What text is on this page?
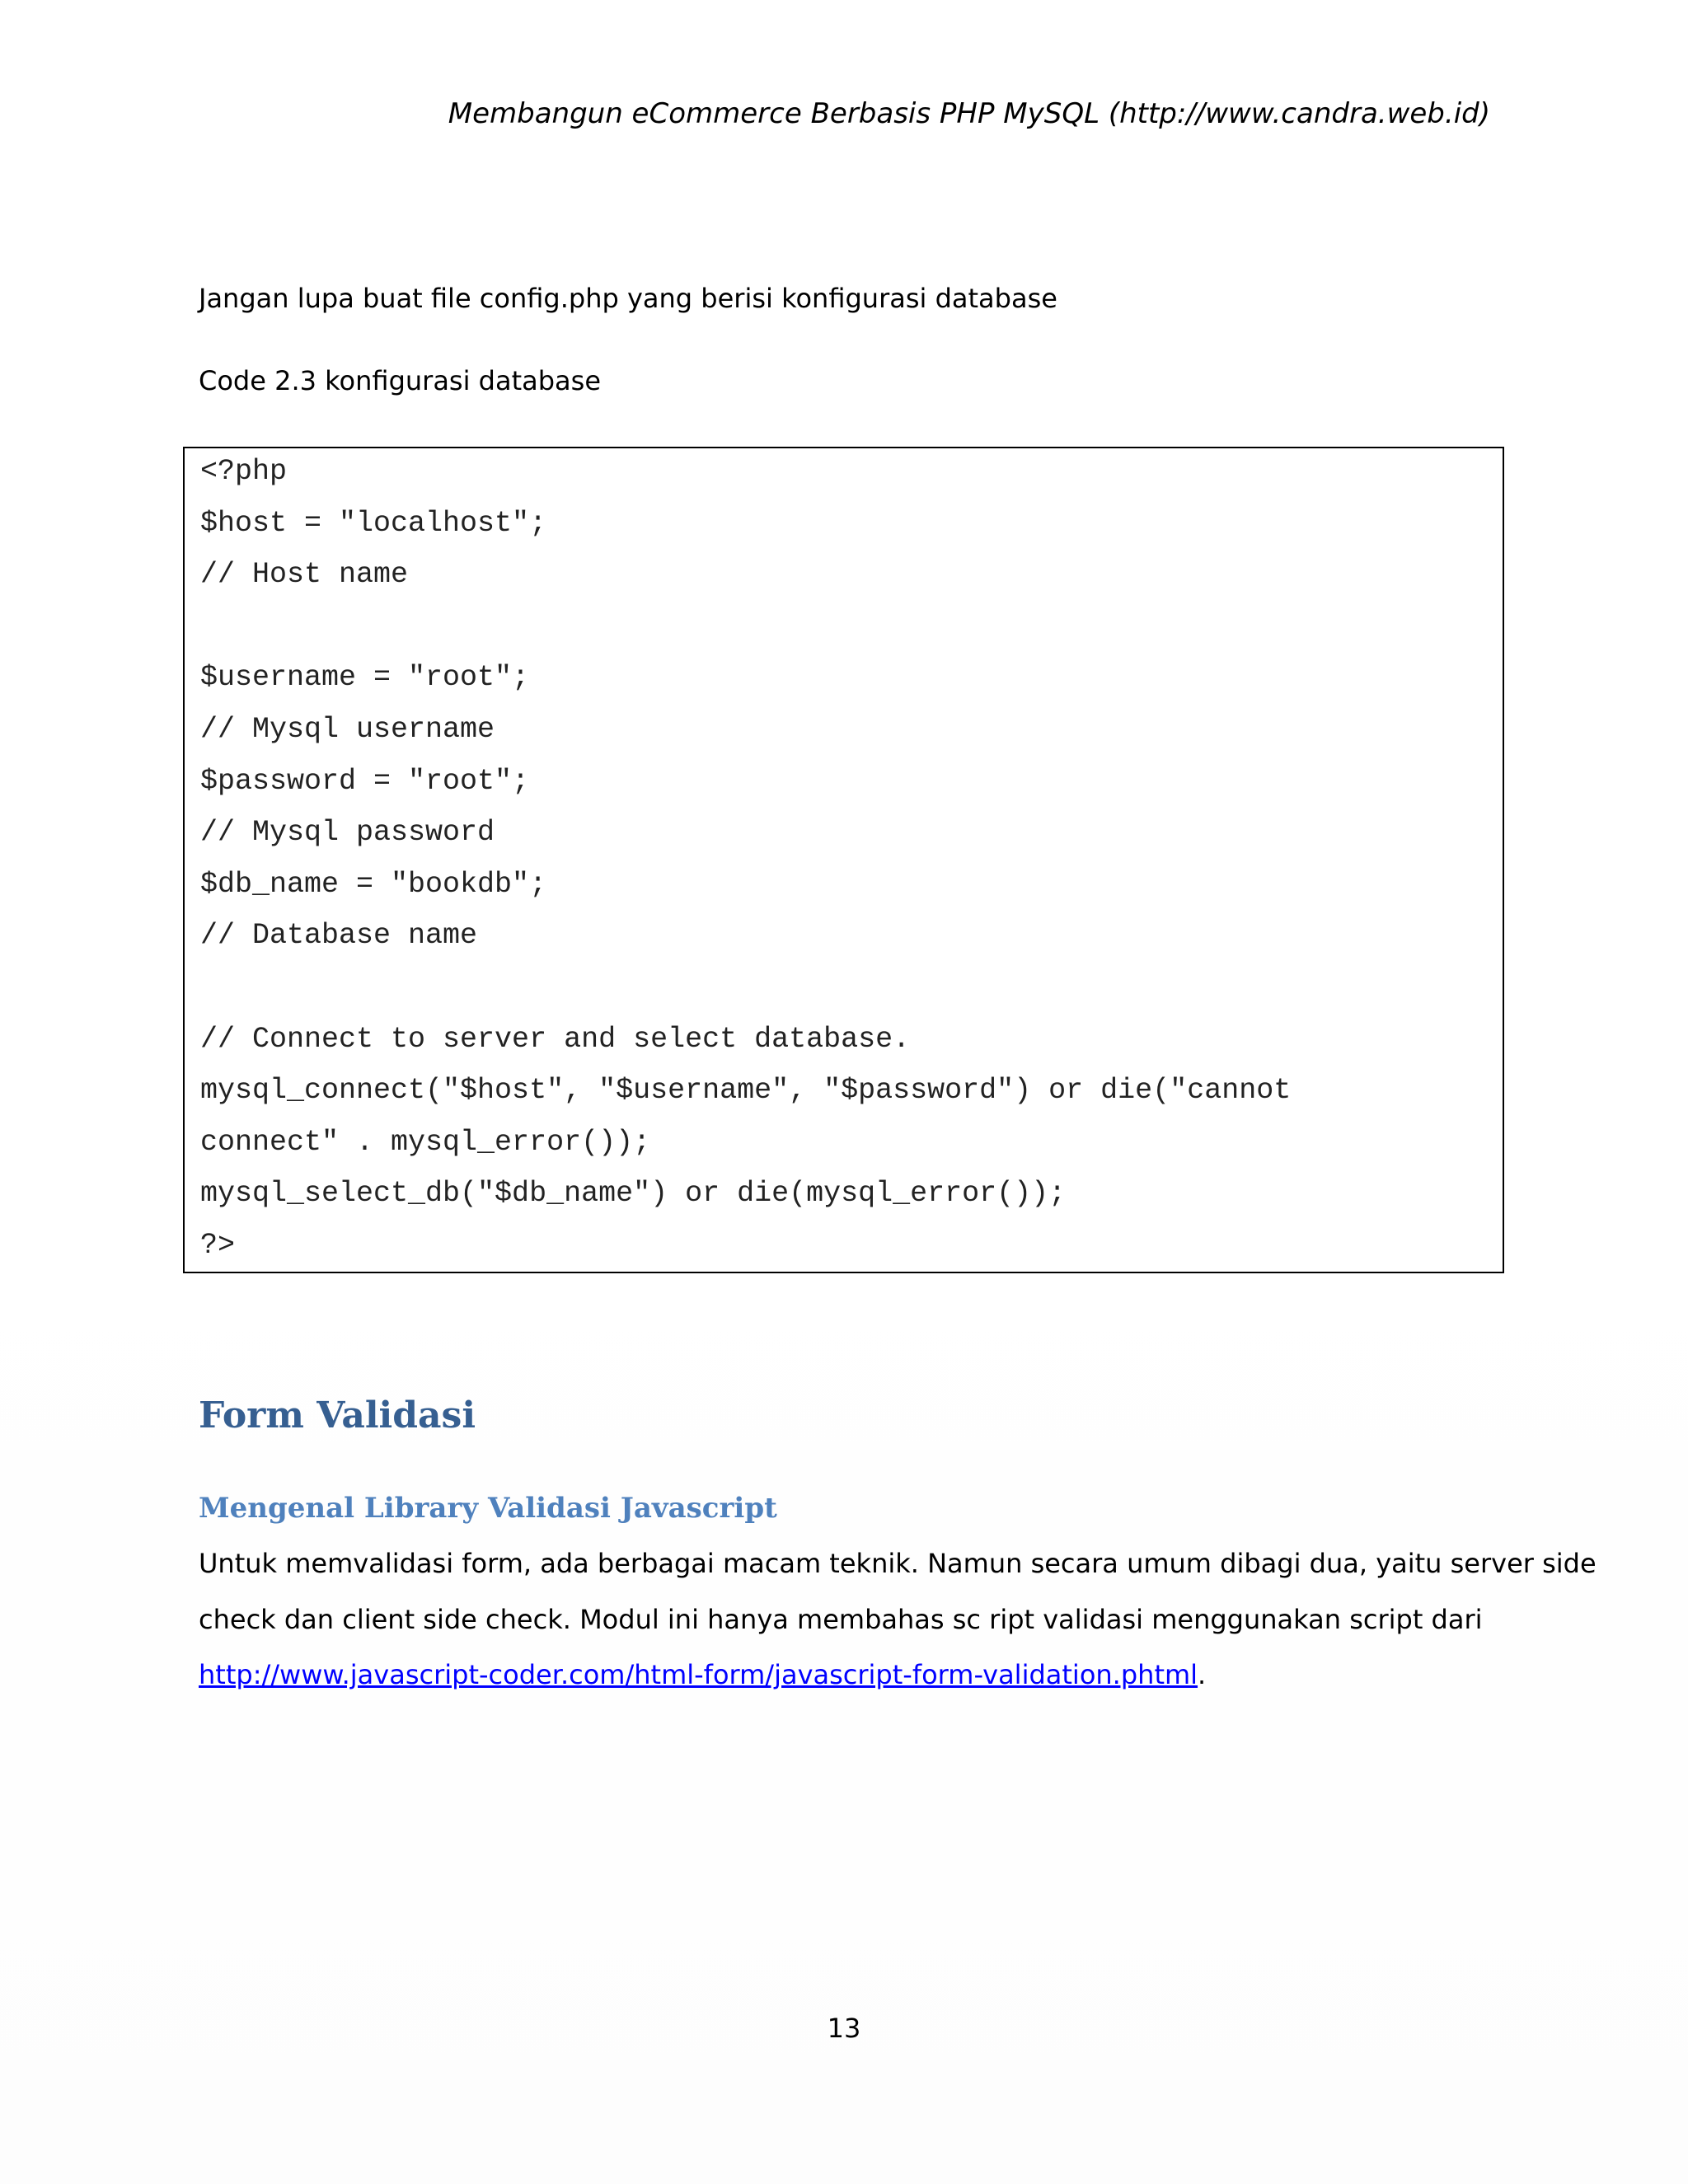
Membangun eCommerce Berbasis PHP MySQL (http://www.candra.web.id)
Jangan lupa buat file config.php yang berisi konfigurasi database
Code 2.3 konfigurasi database
<?php
$host = "localhost";
// Host name
$username = "root";
// Mysql username
$password = "root";
// Mysql password
$db_name = "bookdb";
// Database name
// Connect to server and select database.
mysql_connect("$host", "$username", "$password") or die("cannot
connect" . mysql_error());
mysql_select_db("$db_name") or die(mysql_error());
?>
Form Validasi
Mengenal Library Validasi Javascript
Untuk memvalidasi form, ada berbagai macam teknik. Namun secara umum dibagi dua, yaitu server side
check dan client side check. Modul ini hanya membahas sc ript validasi menggunakan script dari
http://www.javascript-coder.com/html-form/javascript-form-validation.phtml.
13
